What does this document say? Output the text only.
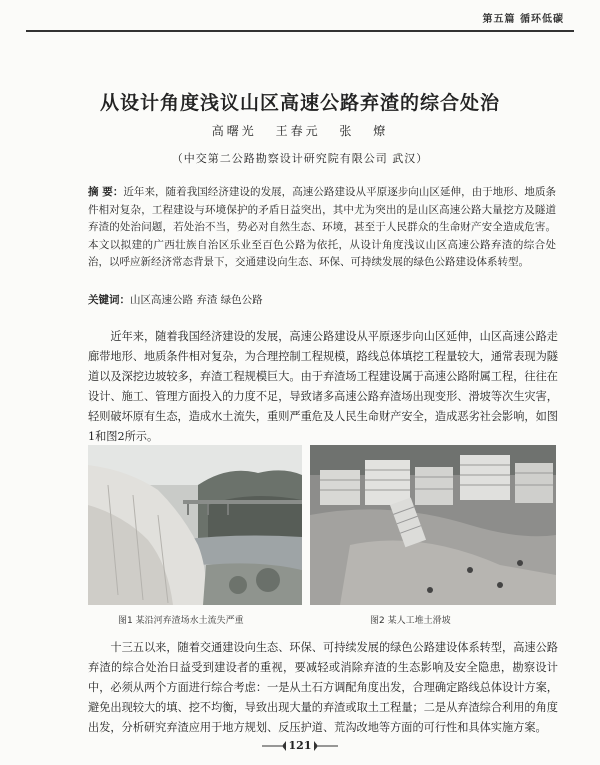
第五篇 循环低碳
从设计角度浅议山区高速公路弃渣的综合处治
高曙光 王春元 张 燎
（中交第二公路勘察设计研究院有限公司 武汉）
摘 要：近年来，随着我国经济建设的发展，高速公路建设从平原逐步向山区延伸，由于地形、地质条件相对复杂，工程建设与环境保护的矛盾日益突出，其中尤为突出的是山区高速公路大量挖方及隧道弃渣的处治问题，若处治不当，势必对自然生态、环境，甚至于人民群众的生命财产安全造成危害。本文以拟建的广西壮族自治区乐业至百色公路为依托，从设计角度浅议山区高速公路弃渣的综合处治，以呼应新经济常态背景下，交通建设向生态、环保、可持续发展的绿色公路建设体系转型。
关键词：山区高速公路 弃渣 绿色公路
近年来，随着我国经济建设的发展，高速公路建设从平原逐步向山区延伸，山区高速公路走廊带地形、地质条件相对复杂，为合理控制工程规模，路线总体填挖工程量较大，通常表现为隧道以及深挖边坡较多，弃渣工程规模巨大。由于弃渣场工程建设属于高速公路附属工程，往往在设计、施工、管理方面投入的力度不足，导致诸多高速公路弃渣场出现变形、滑坡等次生灾害，轻则破坏原有生态，造成水土流失，重则严重危及人民生命财产安全，造成恶劣社会影响，如图1和图2所示。
图1 某沿河弃渣场水土流失严重	图2 某人工堆土滑坡
十三五以来，随着交通建设向生态、环保、可持续发展的绿色公路建设体系转型，高速公路弃渣的综合处治日益受到建设者的重视，要减轻或消除弃渣的生态影响及安全隐患，勘察设计中，必须从两个方面进行综合考虑：一是从土石方调配角度出发，合理确定路线总体设计方案，避免出现较大的填、挖不均衡，导致出现大量的弃渣或取土工程量；二是从弃渣综合利用的角度出发，分析研究弃渣应用于地方规划、反压护道、荒沟改地等方面的可行性和具体实施方案。
121
